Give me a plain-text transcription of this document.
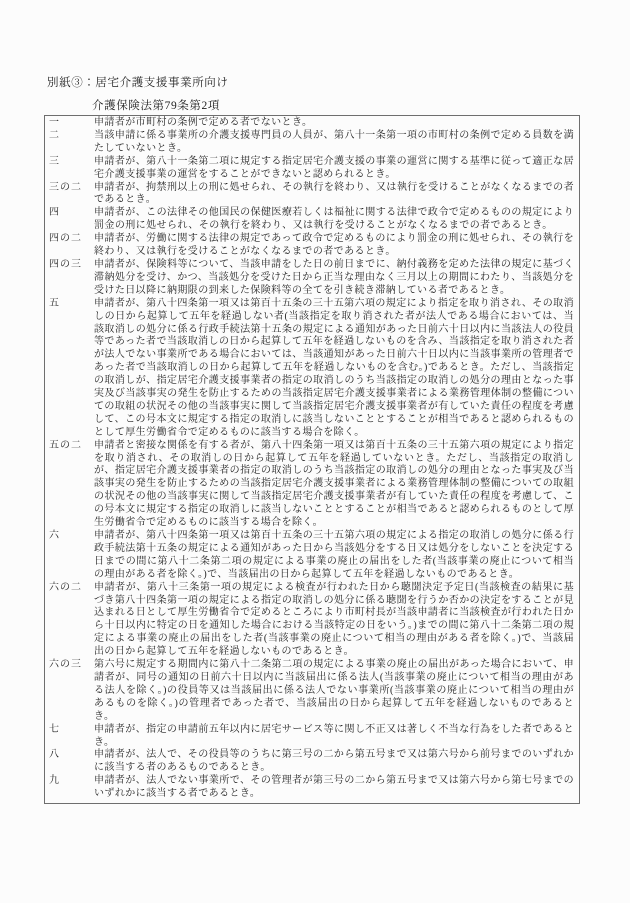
別紙③：居宅介護支援事業所向け
介護保険法第79条第2項
一	申請者が市町村の条例で定める者でないとき。
二	当該申請に係る事業所の介護支援専門員の人員が、第八十一条第一項の市町村の条例で定める員数を満たしていないとき。
三	申請者が、第八十一条第二項に規定する指定居宅介護支援の事業の運営に関する基準に従って適正な居宅介護支援事業の運営をすることができないと認められるとき。
三の二	申請者が、拘禁刑以上の刑に処せられ、その執行を終わり、又は執行を受けることがなくなるまでの者であるとき。
四	申請者が、この法律その他国民の保健医療若しくは福祉に関する法律で政令で定めるものの規定により罰金の刑に処せられ、その執行を終わり、又は執行を受けることがなくなるまでの者であるとき。
四の二	申請者が、労働に関する法律の規定であって政令で定めるものにより罰金の刑に処せられ、その執行を終わり、又は執行を受けることがなくなるまでの者であるとき。
四の三	申請者が、保険料等について、当該申請をした日の前日までに、納付義務を定めた法律の規定に基づく滞納処分を受け、かつ、当該処分を受けた日から正当な理由なく三月以上の期間にわたり、当該処分を受けた日以降に納期限の到来した保険料等の全てを引き続き滞納している者であるとき。
五	申請者が、第八十四条第一項又は第百十五条の三十五第六項の規定により指定を取り消され、その取消しの日から起算して五年を経過しない者(当該指定を取り消された者が法人である場合においては、当該取消しの処分に係る行政手続法第十五条の規定による通知があった日前六十日以内に当該法人の役員等であった者で当該取消しの日から起算して五年を経過しないものを含み、当該指定を取り消された者が法人でない事業所である場合においては、当該通知があった日前六十日以内に当該事業所の管理者であった者で当該取消しの日から起算して五年を経過しないものを含む。)であるとき。ただし、当該指定の取消しが、指定居宅介護支援事業者の指定の取消しのうち当該指定の取消しの処分の理由となった事実及び当該事実の発生を防止するための当該指定居宅介護支援事業者による業務管理体制の整備についての取組の状況その他の当該事実に関して当該指定居宅介護支援事業者が有していた責任の程度を考慮して、この号本文に規定する指定の取消しに該当しないこととすることが相当であると認められるものとして厚生労働省令で定めるものに該当する場合を除く。
五の二	申請者と密接な関係を有する者が、第八十四条第一項又は第百十五条の三十五第六項の規定により指定を取り消され、その取消しの日から起算して五年を経過していないとき。ただし、当該指定の取消しが、指定居宅介護支援事業者の指定の取消しのうち当該指定の取消しの処分の理由となった事実及び当該事実の発生を防止するための当該指定居宅介護支援事業者による業務管理体制の整備についての取組の状況その他の当該事実に関して当該指定居宅介護支援事業者が有していた責任の程度を考慮して、この号本文に規定する指定の取消しに該当しないこととすることが相当であると認められるものとして厚生労働省令で定めるものに該当する場合を除く。
六	申請者が、第八十四条第一項又は第百十五条の三十五第六項の規定による指定の取消しの処分に係る行政手続法第十五条の規定による通知があった日から当該処分をする日又は処分をしないことを決定する日までの間に第八十二条第二項の規定による事業の廃止の届出をした者(当該事業の廃止について相当の理由がある者を除く。)で、当該届出の日から起算して五年を経過しないものであるとき。
六の二	申請者が、第八十三条第一項の規定による検査が行われた日から聴聞決定予定日(当該検査の結果に基づき第八十四条第一項の規定による指定の取消しの処分に係る聴聞を行うか否かの決定をすることが見込まれる日として厚生労働省令で定めるところにより市町村長が当該申請者に当該検査が行われた日から十日以内に特定の日を通知した場合における当該特定の日をいう。)までの間に第八十二条第二項の規定による事業の廃止の届出をした者(当該事業の廃止について相当の理由がある者を除く。)で、当該届出の日から起算して五年を経過しないものであるとき。
六の三	第六号に規定する期間内に第八十二条第二項の規定による事業の廃止の届出があった場合において、申請者が、同号の通知の日前六十日以内に当該届出に係る法人(当該事業の廃止について相当の理由がある法人を除く。)の役員等又は当該届出に係る法人でない事業所(当該事業の廃止について相当の理由があるものを除く。)の管理者であった者で、当該届出の日から起算して五年を経過しないものであるとき。
七	申請者が、指定の申請前五年以内に居宅サービス等に関し不正又は著しく不当な行為をした者であるとき。
八	申請者が、法人で、その役員等のうちに第三号の二から第五号まで又は第六号から前号までのいずれかに該当する者のあるものであるとき。
九	申請者が、法人でない事業所で、その管理者が第三号の二から第五号まで又は第六号から第七号までのいずれかに該当する者であるとき。
